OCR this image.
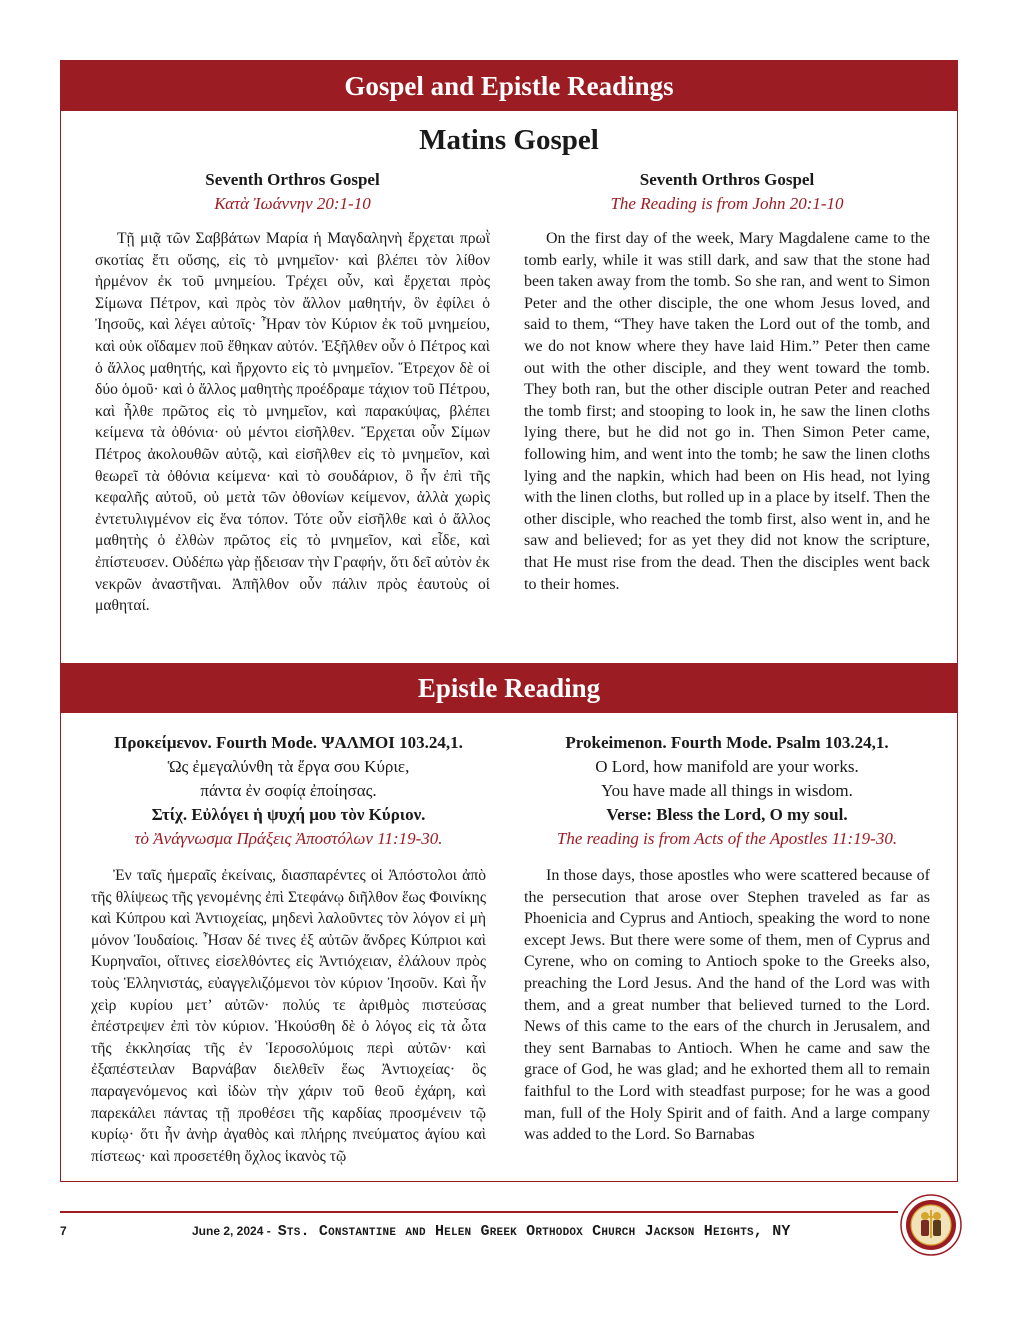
Gospel and Epistle Readings
Matins Gospel
Seventh Orthros Gospel
Κατὰ Ἰωάννην 20:1-10
Τῇ μιᾷ τῶν Σαββάτων Μαρία ἡ Μαγδαληνὴ ἔρχεται πρωῒ σκοτίας ἔτι οὔσης, εἰς τὸ μνημεῖον· καὶ βλέπει τὸν λίθον ἠρμένον ἐκ τοῦ μνημείου. Τρέχει οὖν, καὶ ἔρχεται πρὸς Σίμωνα Πέτρον, καὶ πρὸς τὸν ἄλλον μαθητήν, ὃν ἐφίλει ὁ Ἰησοῦς, καὶ λέγει αὐτοῖς· Ἦραν τὸν Κύριον ἐκ τοῦ μνημείου, καὶ οὐκ οἴδαμεν ποῦ ἔθηκαν αὐτόν. Ἐξῆλθεν οὖν ὁ Πέτρος καὶ ὁ ἄλλος μαθητής, καὶ ἤρχοντο εἰς τὸ μνημεῖον. Ἔτρεχον δὲ οἱ δύο ὁμοῦ· καὶ ὁ ἄλλος μαθητὴς προέδραμε τάχιον τοῦ Πέτρου, καὶ ἦλθε πρῶτος εἰς τὸ μνημεῖον, καὶ παρακύψας, βλέπει κείμενα τὰ ὀθόνια· οὐ μέντοι εἰσῆλθεν. Ἔρχεται οὖν Σίμων Πέτρος ἀκολουθῶν αὐτῷ, καὶ εἰσῆλθεν εἰς τὸ μνημεῖον, καὶ θεωρεῖ τὰ ὀθόνια κείμενα· καὶ τὸ σουδάριον, ὃ ἦν ἐπὶ τῆς κεφαλῆς αὐτοῦ, οὐ μετὰ τῶν ὀθονίων κείμενον, ἀλλὰ χωρὶς ἐντετυλιγμένον εἰς ἕνα τόπον. Τότε οὖν εἰσῆλθε καὶ ὁ ἄλλος μαθητὴς ὁ ἐλθὼν πρῶτος εἰς τὸ μνημεῖον, καὶ εἶδε, καὶ ἐπίστευσεν. Οὐδέπω γὰρ ᾔδεισαν τὴν Γραφήν, ὅτι δεῖ αὐτὸν ἐκ νεκρῶν ἀναστῆναι. Ἀπῆλθον οὖν πάλιν πρὸς ἑαυτοὺς οἱ μαθηταί.
Seventh Orthros Gospel
The Reading is from John 20:1-10
On the first day of the week, Mary Magdalene came to the tomb early, while it was still dark, and saw that the stone had been taken away from the tomb. So she ran, and went to Simon Peter and the other disciple, the one whom Jesus loved, and said to them, “They have taken the Lord out of the tomb, and we do not know where they have laid Him.” Peter then came out with the other disciple, and they went toward the tomb. They both ran, but the other disciple outran Peter and reached the tomb first; and stooping to look in, he saw the linen cloths lying there, but he did not go in. Then Simon Peter came, following him, and went into the tomb; he saw the linen cloths lying and the napkin, which had been on His head, not lying with the linen cloths, but rolled up in a place by itself. Then the other disciple, who reached the tomb first, also went in, and he saw and believed; for as yet they did not know the scripture, that He must rise from the dead. Then the disciples went back to their homes.
Epistle Reading
Προκείμενον. Fourth Mode. ΨΑΛΜΟΙ 103.24,1.
Ὡς ἐμεγαλύνθη τὰ ἔργα σου Κύριε,
πάντα ἐν σοφίᾳ ἐποίησας.
Στίχ. Εὐλόγει ἡ ψυχή μου τὸν Κύριον.
τὸ Ἀνάγνωσμα Πράξεις Ἀποστόλων 11:19-30.
Ἐν ταῖς ἡμεραῖς ἐκείναις, διασπαρέντες οἱ Ἀπόστολοι ἀπὸ τῆς θλίψεως τῆς γενομένης ἐπὶ Στεφάνῳ διῆλθον ἕως Φοινίκης καὶ Κύπρου καὶ Ἀντιοχείας, μηδενὶ λαλοῦντες τὸν λόγον εἰ μὴ μόνον Ἰουδαίοις. Ἦσαν δέ τινες ἐξ αὐτῶν ἄνδρες Κύπριοι καὶ Κυρηναῖοι, οἵτινες εἰσελθόντες εἰς Ἀντιόχειαν, ἐλάλουν πρὸς τοὺς Ἑλληνιστάς, εὐαγγελιζόμενοι τὸν κύριον Ἰησοῦν. Καὶ ἦν χεὶρ κυρίου μετ’ αὐτῶν· πολύς τε ἀριθμὸς πιστεύσας ἐπέστρεψεν ἐπὶ τὸν κύριον. Ἠκούσθη δὲ ὁ λόγος εἰς τὰ ὦτα τῆς ἐκκλησίας τῆς ἐν Ἱεροσολύμοις περὶ αὐτῶν· καὶ ἐξαπέστειλαν Βαρνάβαν διελθεῖν ἕως Ἀντιοχείας· ὃς παραγενόμενος καὶ ἰδὼν τὴν χάριν τοῦ θεοῦ ἐχάρη, καὶ παρεκάλει πάντας τῇ προθέσει τῆς καρδίας προσμένειν τῷ κυρίῳ· ὅτι ἦν ἀνὴρ ἀγαθὸς καὶ πλήρης πνεύματος ἁγίου καὶ πίστεως· καὶ προσετέθη ὄχλος ἱκανὸς τῷ
Prokeimenon. Fourth Mode. Psalm 103.24,1.
O Lord, how manifold are your works.
You have made all things in wisdom.
Verse: Bless the Lord, O my soul.
The reading is from Acts of the Apostles 11:19-30.
In those days, those apostles who were scattered because of the persecution that arose over Stephen traveled as far as Phoenicia and Cyprus and Antioch, speaking the word to none except Jews. But there were some of them, men of Cyprus and Cyrene, who on coming to Antioch spoke to the Greeks also, preaching the Lord Jesus. And the hand of the Lord was with them, and a great number that believed turned to the Lord. News of this came to the ears of the church in Jerusalem, and they sent Barnabas to Antioch. When he came and saw the grace of God, he was glad; and he exhorted them all to remain faithful to the Lord with steadfast purpose; for he was a good man, full of the Holy Spirit and of faith. And a large company was added to the Lord. So Barnabas
7	June 2, 2024 - Sts. Constantine and Helen Greek Orthodox Church Jackson Heights, NY
